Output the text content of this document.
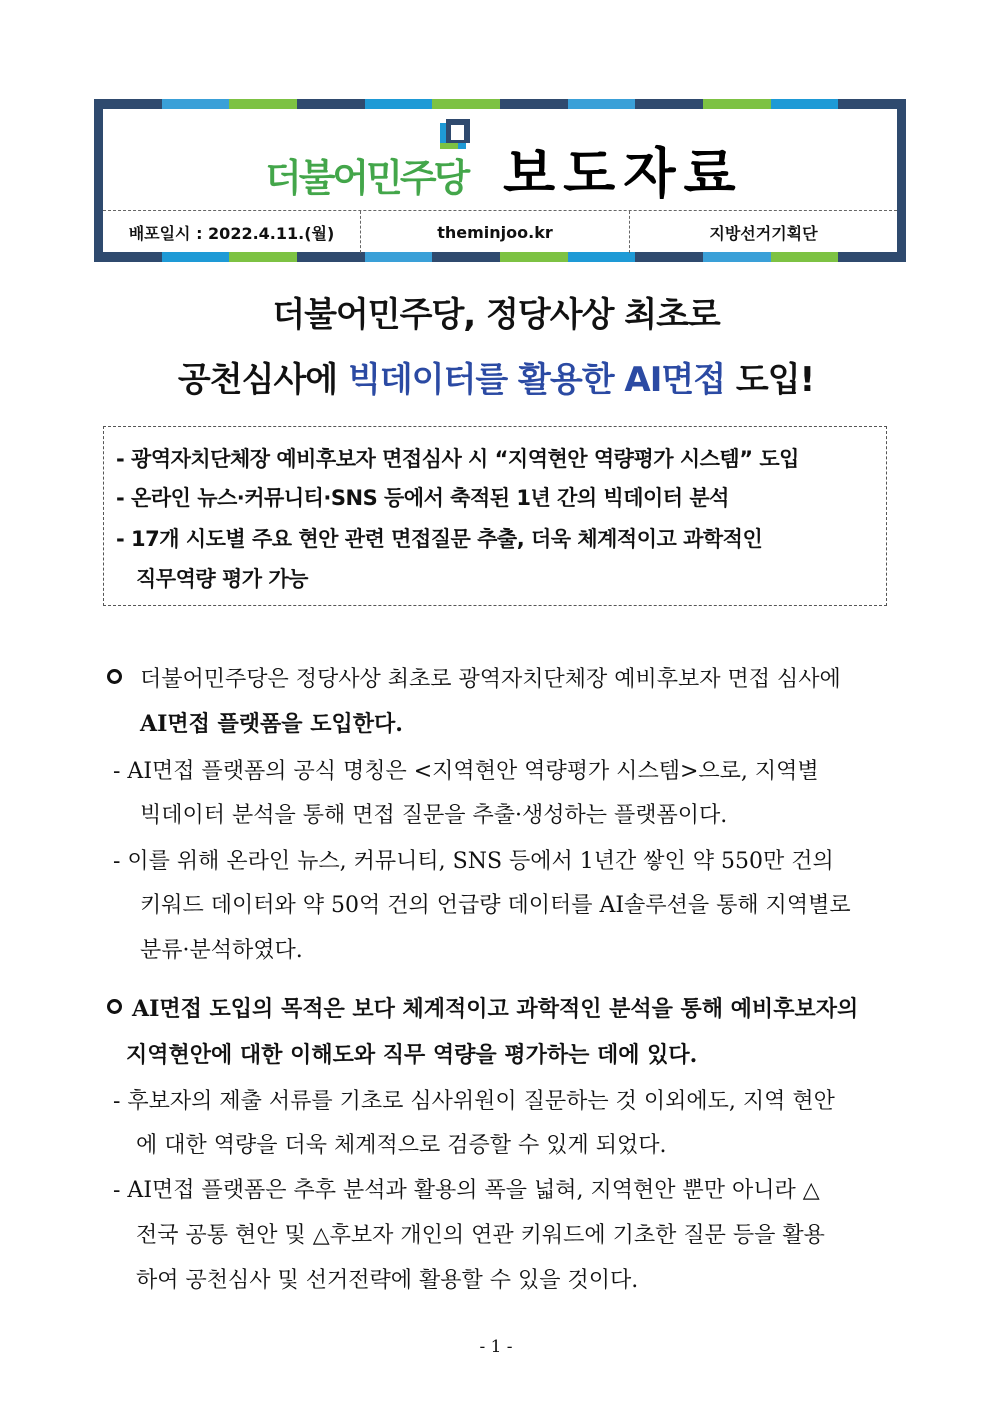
더불어민주당 보도자료
배포일시 : 2022.4.11.(월)	theminjoo.kr	지방선거기획단
더불어민주당, 정당사상 최초로
공천심사에 빅데이터를 활용한 AI면접 도입!
- 광역자치단체장 예비후보자 면접심사 시 “지역현안 역량평가 시스템” 도입
- 온라인 뉴스·커뮤니티·SNS 등에서 축적된 1년 간의 빅데이터 분석
- 17개 시도별 주요 현안 관련 면접질문 추출, 더욱 체계적이고 과학적인
직무역량 평가 가능
더불어민주당은 정당사상 최초로 광역자치단체장 예비후보자 면접 심사에
AI면접 플랫폼을 도입한다.
- AI면접 플랫폼의 공식 명칭은 <지역현안 역량평가 시스템>으로, 지역별
빅데이터 분석을 통해 면접 질문을 추출·생성하는 플랫폼이다.
- 이를 위해 온라인 뉴스, 커뮤니티, SNS 등에서 1년간 쌓인 약 550만 건의
키워드 데이터와 약 50억 건의 언급량 데이터를 AI솔루션을 통해 지역별로
분류·분석하였다.
AI면접 도입의 목적은 보다 체계적이고 과학적인 분석을 통해 예비후보자의
지역현안에 대한 이해도와 직무 역량을 평가하는 데에 있다.
- 후보자의 제출 서류를 기초로 심사위원이 질문하는 것 이외에도, 지역 현안
에 대한 역량을 더욱 체계적으로 검증할 수 있게 되었다.
- AI면접 플랫폼은 추후 분석과 활용의 폭을 넓혀, 지역현안 뿐만 아니라 △
전국 공통 현안 및 △후보자 개인의 연관 키워드에 기초한 질문 등을 활용
하여 공천심사 및 선거전략에 활용할 수 있을 것이다.
- 1 -
